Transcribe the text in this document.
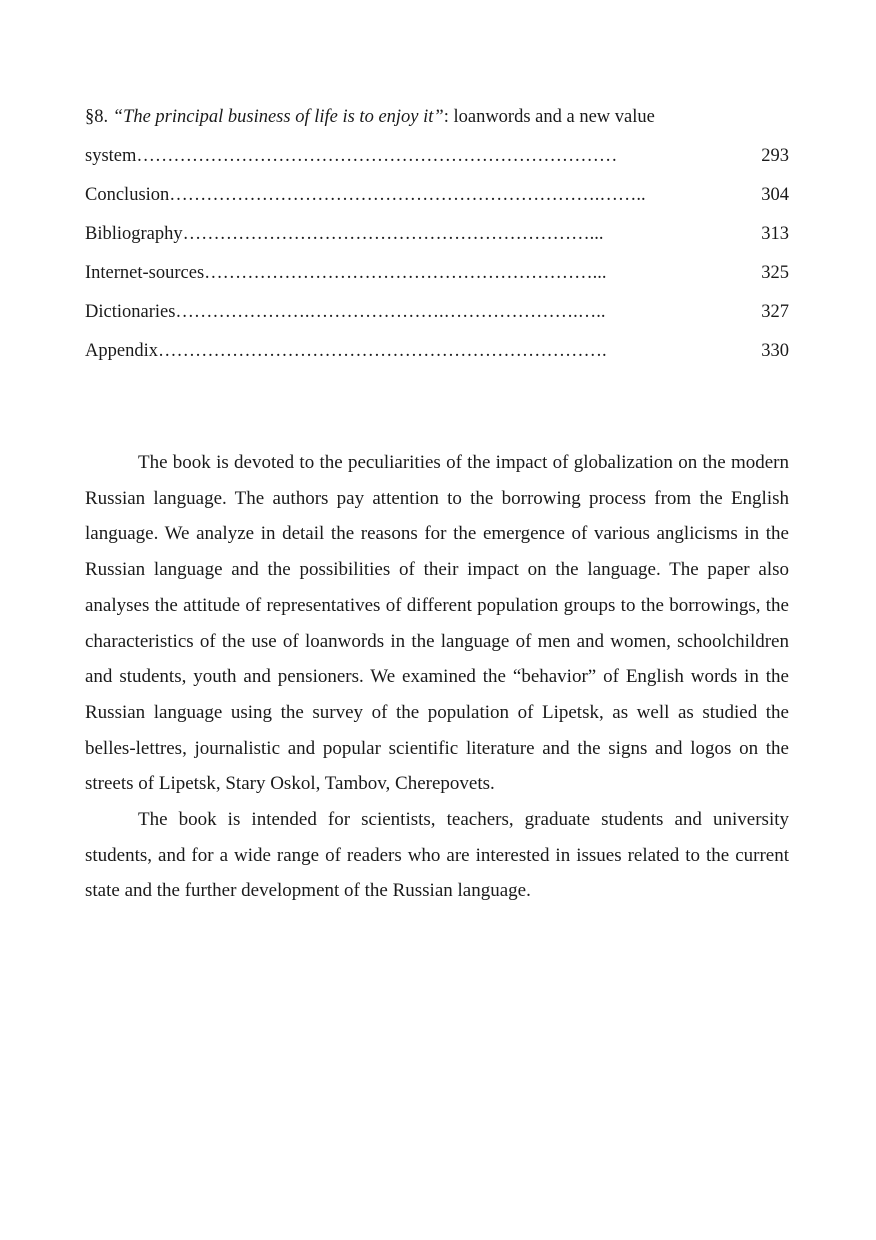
§8. “The principal business of life is to enjoy it”: loanwords and a new value
system……………………………………………………………………	293
Conclusion…………………………………………………………….……..	304
Bibliography…………………………………………………………...	313
Internet-sources………………………………………………………...	325
Dictionaries………………….………………….………………….…..	327
Appendix……………………………………………………………….	330

The book is devoted to the peculiarities of the impact of globalization on the modern Russian language. The authors pay attention to the borrowing process from the English language. We analyze in detail the reasons for the emergence of various anglicisms in the Russian language and the possibilities of their impact on the language. The paper also analyses the attitude of representatives of different population groups to the borrowings, the characteristics of the use of loanwords in the language of men and women, schoolchildren and students, youth and pensioners. We examined the “behavior” of English words in the Russian language using the survey of the population of Lipetsk, as well as studied the belles-lettres, journalistic and popular scientific literature and the signs and logos on the streets of Lipetsk, Stary Oskol, Tambov, Cherepovets.

The book is intended for scientists, teachers, graduate students and university students, and for a wide range of readers who are interested in issues related to the current state and the further development of the Russian language.
